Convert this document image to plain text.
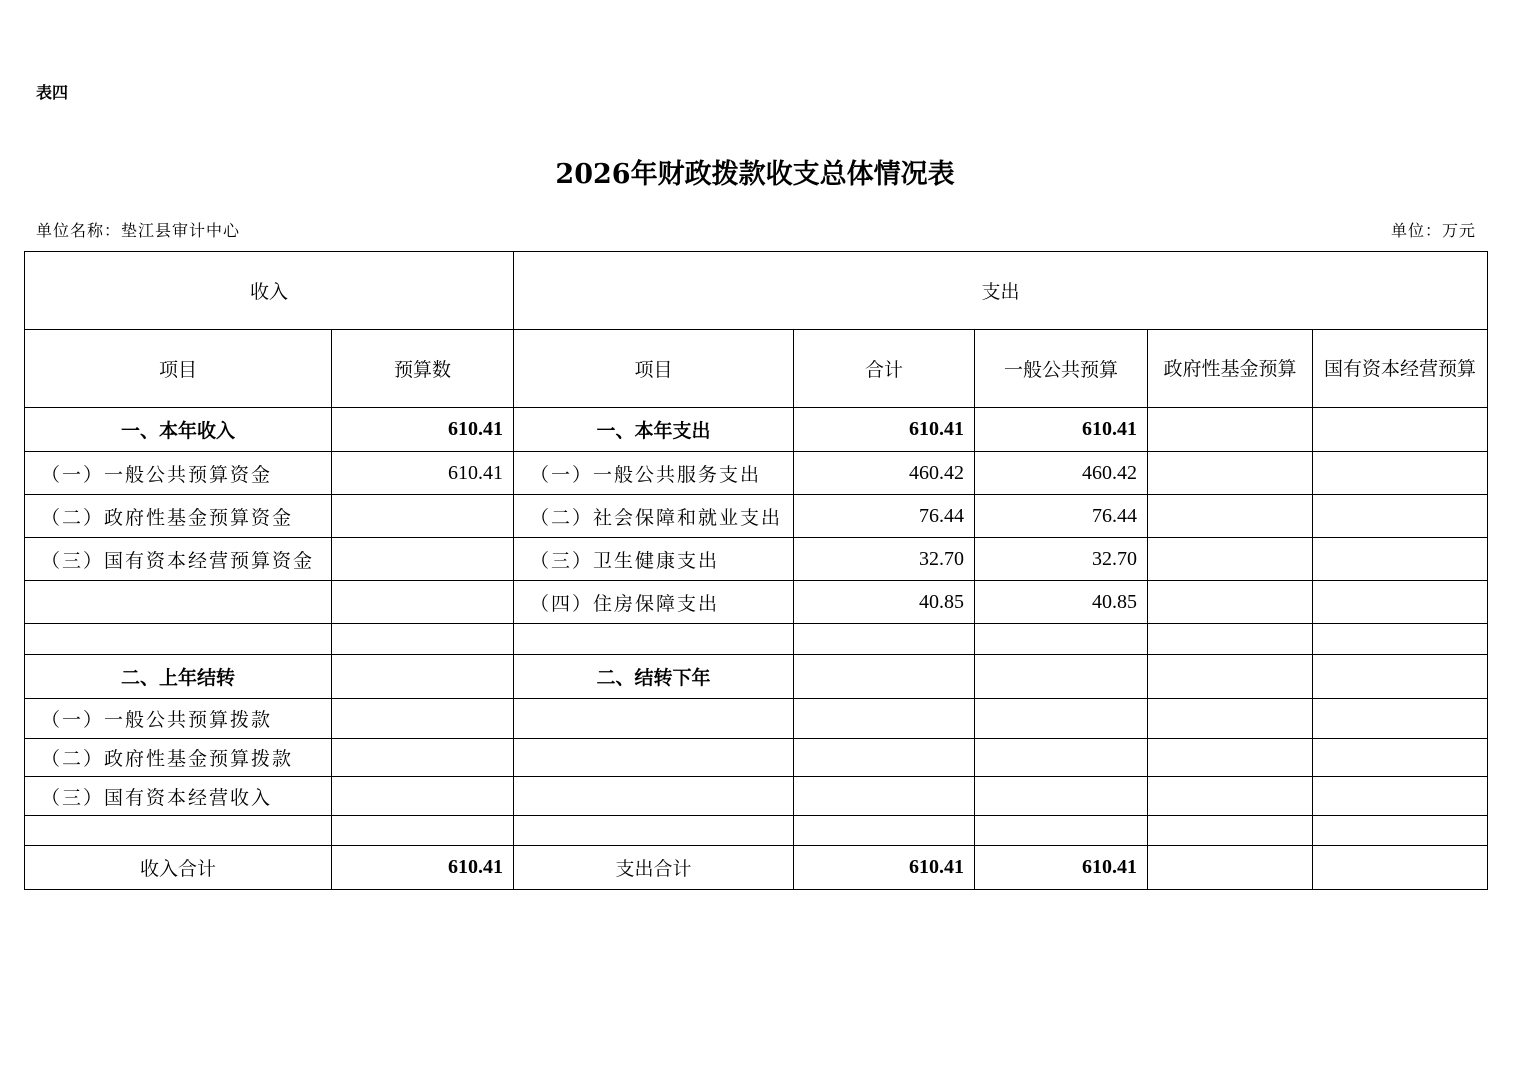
表四
2026年财政拨款收支总体情况表
单位名称：垫江县审计中心	单位：万元
收入		支出				
项目	预算数	项目	合计	一般公共预算	政府性基金预算	国有资本经营预算
一、本年收入	610.41	一、本年支出	610.41	610.41		
（一）一般公共预算资金	610.41	（一）一般公共服务支出	460.42	460.42		
（二）政府性基金预算资金		（二）社会保障和就业支出	76.44	76.44		
（三）国有资本经营预算资金		（三）卫生健康支出	32.70	32.70		
		（四）住房保障支出	40.85	40.85		

二、上年结转		二、结转下年				
（一）一般公共预算拨款						
（二）政府性基金预算拨款						
（三）国有资本经营收入						

收入合计	610.41	支出合计	610.41	610.41		
